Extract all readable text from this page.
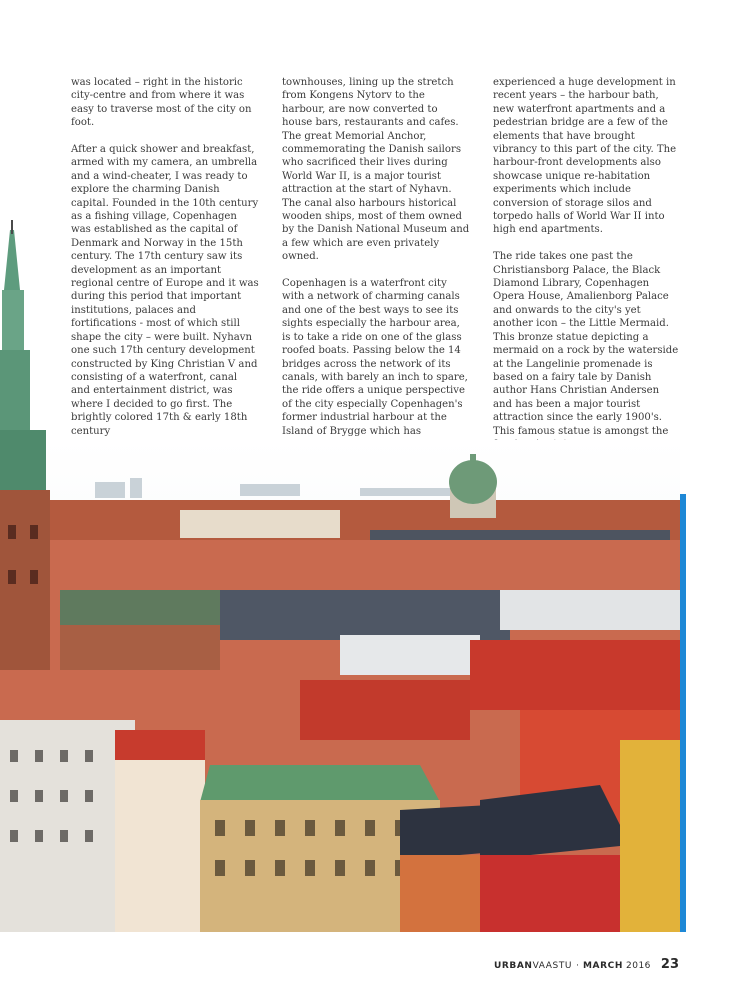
was located – right in the historic city-centre and from where it was easy to traverse most of the city on foot.

After a quick shower and breakfast, armed with my camera, an umbrella and a wind-cheater, I was ready to explore the charming Danish capital. Founded in the 10th century as a fishing village, Copenhagen was established as the capital of Denmark and Norway in the 15th century. The 17th century saw its development as an important regional centre of Europe and it was during this period that important institutions, palaces and fortifications - most of which still shape the city – were built. Nyhavn one such 17th century development constructed by King Christian V and consisting of a waterfront, canal and entertainment district, was where I decided to go first. The brightly colored 17th & early 18th century

townhouses, lining up the stretch from Kongens Nytorv to the harbour, are now converted to house bars, restaurants and cafes. The great Memorial Anchor, commemorating the Danish sailors who sacrificed their lives during World War II, is a major tourist attraction at the start of Nyhavn. The canal also harbours historical wooden ships, most of them owned by the Danish National Museum and a few which are even privately owned.

Copenhagen is a waterfront city with a network of charming canals and one of the best ways to see its sights especially the harbour area, is to take a ride on one of the glass roofed boats. Passing below the 14 bridges across the network of its canals, with barely an inch to spare, the ride offers a unique perspective of the city especially Copenhagen's former industrial harbour at the Island of Brygge which has

experienced a huge development in recent years – the harbour bath, new waterfront apartments and a pedestrian bridge are a few of the elements that have brought vibrancy to this part of the city. The harbour-front developments also showcase unique re-habitation experiments which include conversion of storage silos and torpedo halls of World War II into high end apartments.

The ride takes one past the Christiansborg Palace, the Black Diamond Library, Copenhagen Opera House, Amalienborg Palace and onwards to the city's yet another icon – the Little Mermaid. This bronze statue depicting a mermaid on a rock by the waterside at the Langelinie promenade is based on a fairy tale by Danish author Hans Christian Andersen and has been a major tourist attraction since the early 1900's. This famous statue is amongst the

URBANVAASTU · MARCH 2016 23
